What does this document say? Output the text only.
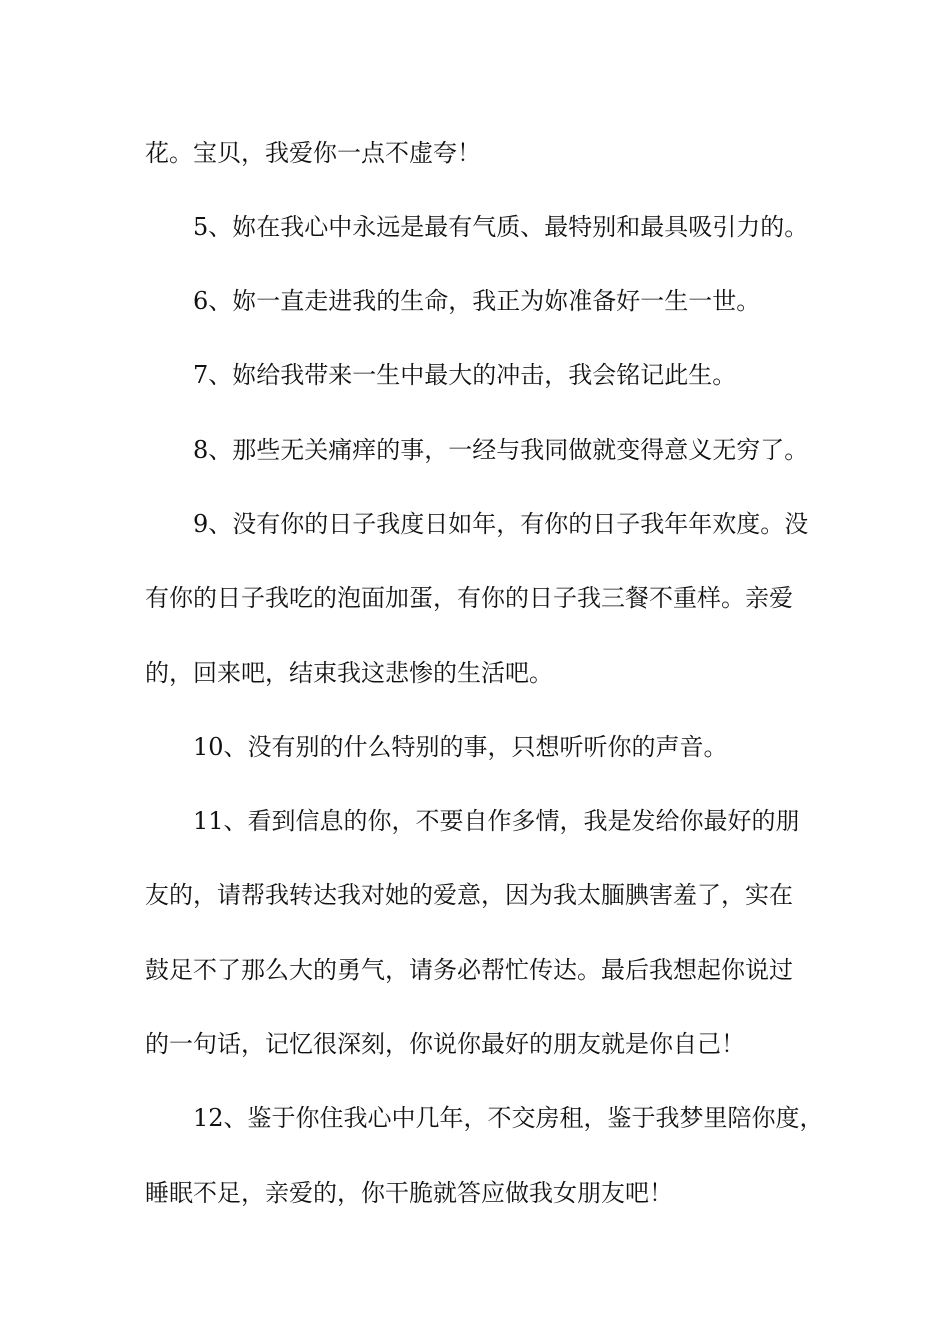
花。宝贝，我爱你一点不虚夸！

5、妳在我心中永远是最有气质、最特别和最具吸引力的。

6、妳一直走进我的生命，我正为妳准备好一生一世。

7、妳给我带来一生中最大的冲击，我会铭记此生。

8、那些无关痛痒的事，一经与我同做就变得意义无穷了。

9、没有你的日子我度日如年，有你的日子我年年欢度。没

有你的日子我吃的泡面加蛋，有你的日子我三餐不重样。亲爱

的，回来吧，结束我这悲惨的生活吧。

10、没有别的什么特别的事，只想听听你的声音。

11、看到信息的你，不要自作多情，我是发给你最好的朋

友的，请帮我转达我对她的爱意，因为我太腼腆害羞了，实在

鼓足不了那么大的勇气，请务必帮忙传达。最后我想起你说过

的一句话，记忆很深刻，你说你最好的朋友就是你自己！

12、鉴于你住我心中几年，不交房租，鉴于我梦里陪你度，

睡眠不足，亲爱的，你干脆就答应做我女朋友吧！
